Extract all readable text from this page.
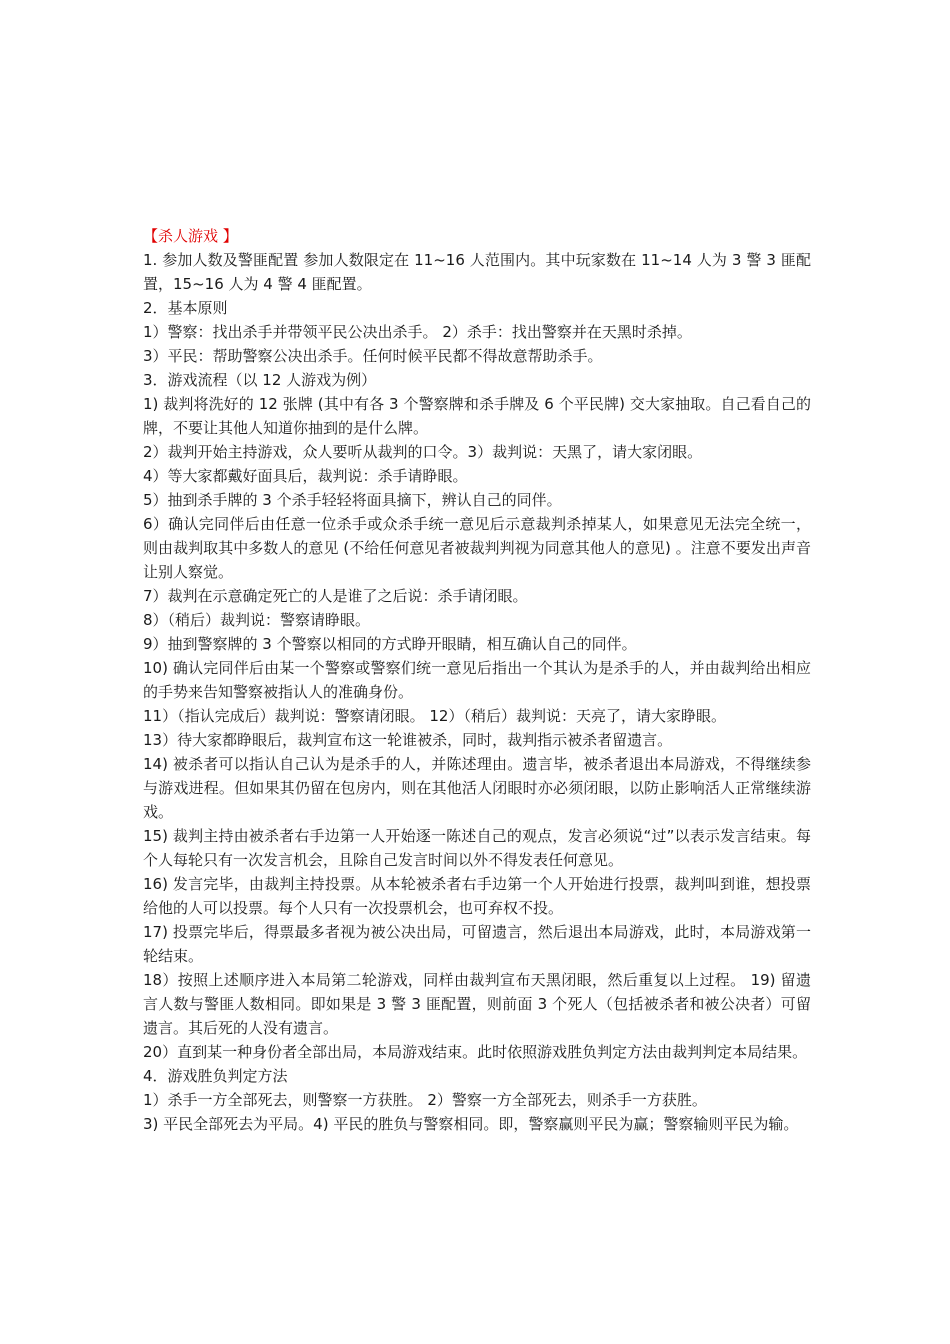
【杀人游戏 】

1. 参加人数及警匪配置 参加人数限定在 11~16 人范围内。其中玩家数在 11~14 人为 3 警 3 匪配置，15~16 人为 4 警 4 匪配置。

2．基本原则

1）警察：找出杀手并带领平民公决出杀手。 2）杀手：找出警察并在天黑时杀掉。

3）平民：帮助警察公决出杀手。任何时候平民都不得故意帮助杀手。

3．游戏流程（以 12 人游戏为例）

1) 裁判将洗好的 12 张牌 (其中有各 3 个警察牌和杀手牌及 6 个平民牌) 交大家抽取。自己看自己的牌，不要让其他人知道你抽到的是什么牌。

2）裁判开始主持游戏，众人要听从裁判的口令。3）裁判说：天黑了，请大家闭眼。

4）等大家都戴好面具后，裁判说：杀手请睁眼。

5）抽到杀手牌的 3 个杀手轻轻将面具摘下，辨认自己的同伴。

6）确认完同伴后由任意一位杀手或众杀手统一意见后示意裁判杀掉某人，如果意见无法完全统一，则由裁判取其中多数人的意见 (不给任何意见者被裁判判视为同意其他人的意见) 。注意不要发出声音让别人察觉。

7）裁判在示意确定死亡的人是谁了之后说：杀手请闭眼。

8）（稍后）裁判说：警察请睁眼。

9）抽到警察牌的 3 个警察以相同的方式睁开眼睛，相互确认自己的同伴。

10) 确认完同伴后由某一个警察或警察们统一意见后指出一个其认为是杀手的人，并由裁判给出相应的手势来告知警察被指认人的准确身份。

11）（指认完成后）裁判说：警察请闭眼。 12）（稍后）裁判说：天亮了，请大家睁眼。

13）待大家都睁眼后，裁判宣布这一轮谁被杀，同时，裁判指示被杀者留遗言。

14) 被杀者可以指认自己认为是杀手的人，并陈述理由。遗言毕，被杀者退出本局游戏，不得继续参与游戏进程。但如果其仍留在包房内，则在其他活人闭眼时亦必须闭眼，以防止影响活人正常继续游戏。

15) 裁判主持由被杀者右手边第一人开始逐一陈述自己的观点，发言必须说“过”以表示发言结束。每个人每轮只有一次发言机会，且除自己发言时间以外不得发表任何意见。

16) 发言完毕，由裁判主持投票。从本轮被杀者右手边第一个人开始进行投票，裁判叫到谁，想投票给他的人可以投票。每个人只有一次投票机会，也可弃权不投。

17) 投票完毕后，得票最多者视为被公决出局，可留遗言，然后退出本局游戏，此时，本局游戏第一轮结束。

18）按照上述顺序进入本局第二轮游戏，同样由裁判宣布天黑闭眼，然后重复以上过程。 19) 留遗言人数与警匪人数相同。即如果是 3 警 3 匪配置，则前面 3 个死人（包括被杀者和被公决者）可留遗言。其后死的人没有遗言。

20）直到某一种身份者全部出局，本局游戏结束。此时依照游戏胜负判定方法由裁判判定本局结果。

4．游戏胜负判定方法

1）杀手一方全部死去，则警察一方获胜。 2）警察一方全部死去，则杀手一方获胜。

3) 平民全部死去为平局。4) 平民的胜负与警察相同。即，警察赢则平民为赢；警察输则平民为输。
